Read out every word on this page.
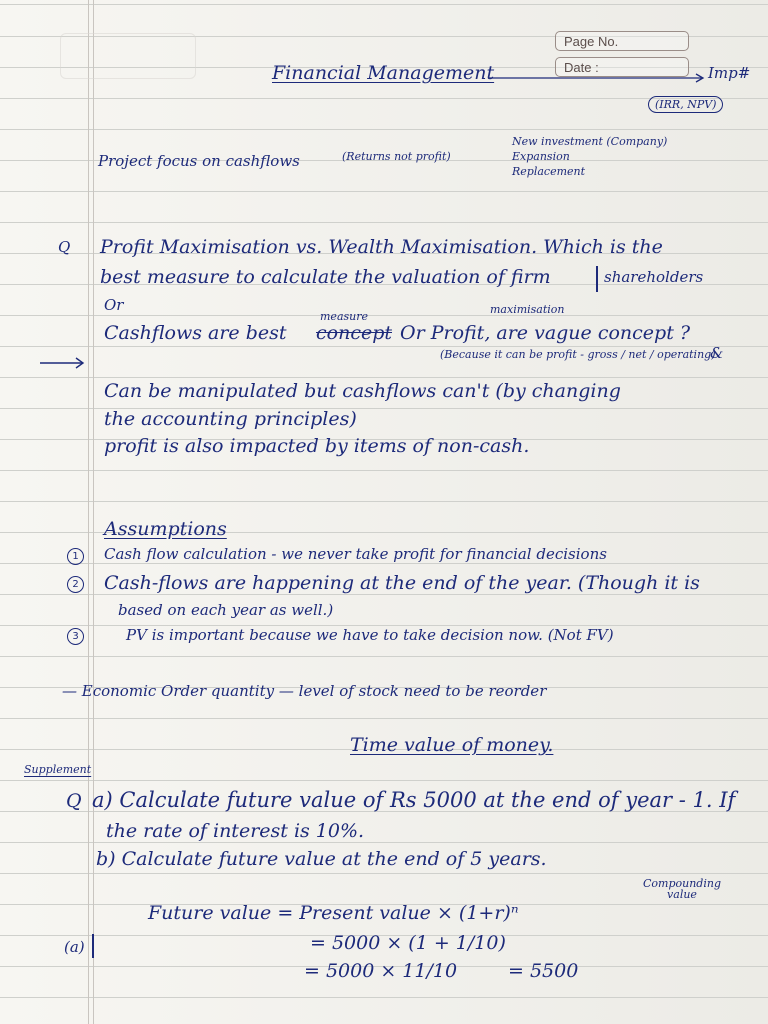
Page No.
Date :
Financial Management	Imp#
(IRR, NPV)
Project focus on cashflows	(Returns not profit)
New investment (Company)
Expansion
Replacement
Q Profit Maximisation vs. Wealth Maximisation. Which is the
best measure to calculate the valuation of firm	shareholders
Or
measure
maximisation
Cashflows are best concept Or Profit, are vague concept ?
(Because it can be profit - gross / net / operating)
&
Can be manipulated but cashflows can't (by changing
the accounting principles)
profit is also impacted by items of non-cash.
Assumptions
1	Cash flow calculation - we never take profit for financial decisions
2 Cash-flows are happening at the end of the year. (Though it is
based on each year as well.)
3	PV is important because we have to take decision now. (Not FV)
— Economic Order quantity — level of stock need to be reorder
Time value of money.
Supplement
Q a) Calculate future value of Rs 5000 at the end of year - 1. If
the rate of interest is 10%.
b) Calculate future value at the end of 5 years.
Compounding value
Future value = Present value × (1+r)ⁿ
(a)	= 5000 × (1 + 1/10)
= 5000 × 11/10	= 5500
